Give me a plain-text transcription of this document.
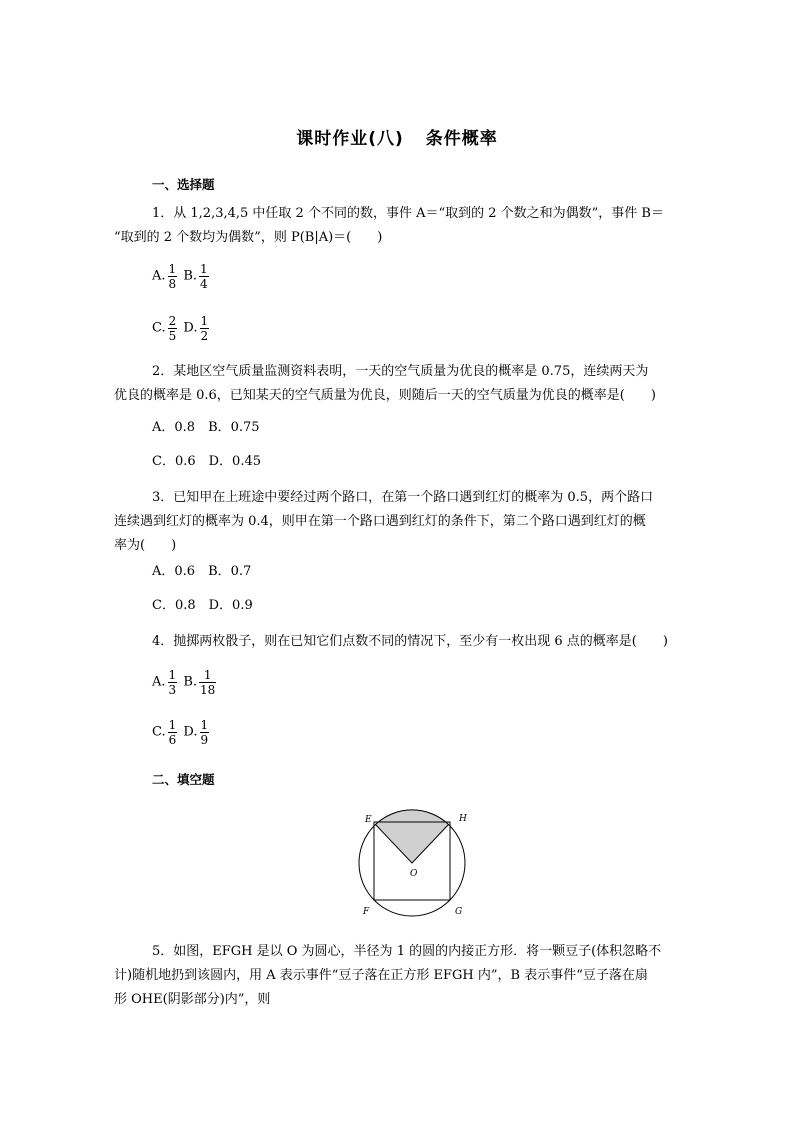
课时作业(八) 条件概率
一、选择题
1．从 1,2,3,4,5 中任取 2 个不同的数，事件 A＝“取到的 2 个数之和为偶数”，事件 B＝
“取到的 2 个数均为偶数”，则 P(B|A)＝(　　)
A. $\frac{1}{8} B$. $\frac{1}{4}$
C. $\frac{2}{5} D$. $\frac{1}{2}$
2．某地区空气质量监测资料表明，一天的空气质量为优良的概率是 0.75，连续两天为
优良的概率是 0.6，已知某天的空气质量为优良，则随后一天的空气质量为优良的概率是(　　)
A．0.8　B．0.75
C．0.6　D．0.45
3．已知甲在上班途中要经过两个路口，在第一个路口遇到红灯的概率为 0.5，两个路口
连续遇到红灯的概率为 0.4，则甲在第一个路口遇到红灯的条件下，第二个路口遇到红灯的概
率为(　　)
A．0.6　B．0.7
C．0.8　D．0.9
4．抛掷两枚骰子，则在已知它们点数不同的情况下，至少有一枚出现 6 点的概率是(　　)
A. $\frac{1}{3} B$. $\frac{1}{18}$
C. $\frac{1}{6} D$. $\frac{1}{9}$
二、填空题
E	H
O
F	G
5．如图，EFGH 是以 O 为圆心，半径为 1 的圆的内接正方形．将一颗豆子(体积忽略不
计)随机地扔到该圆内，用 A 表示事件“豆子落在正方形 EFGH 内”，B 表示事件“豆子落在扇
形 OHE(阴影部分)内”，则
